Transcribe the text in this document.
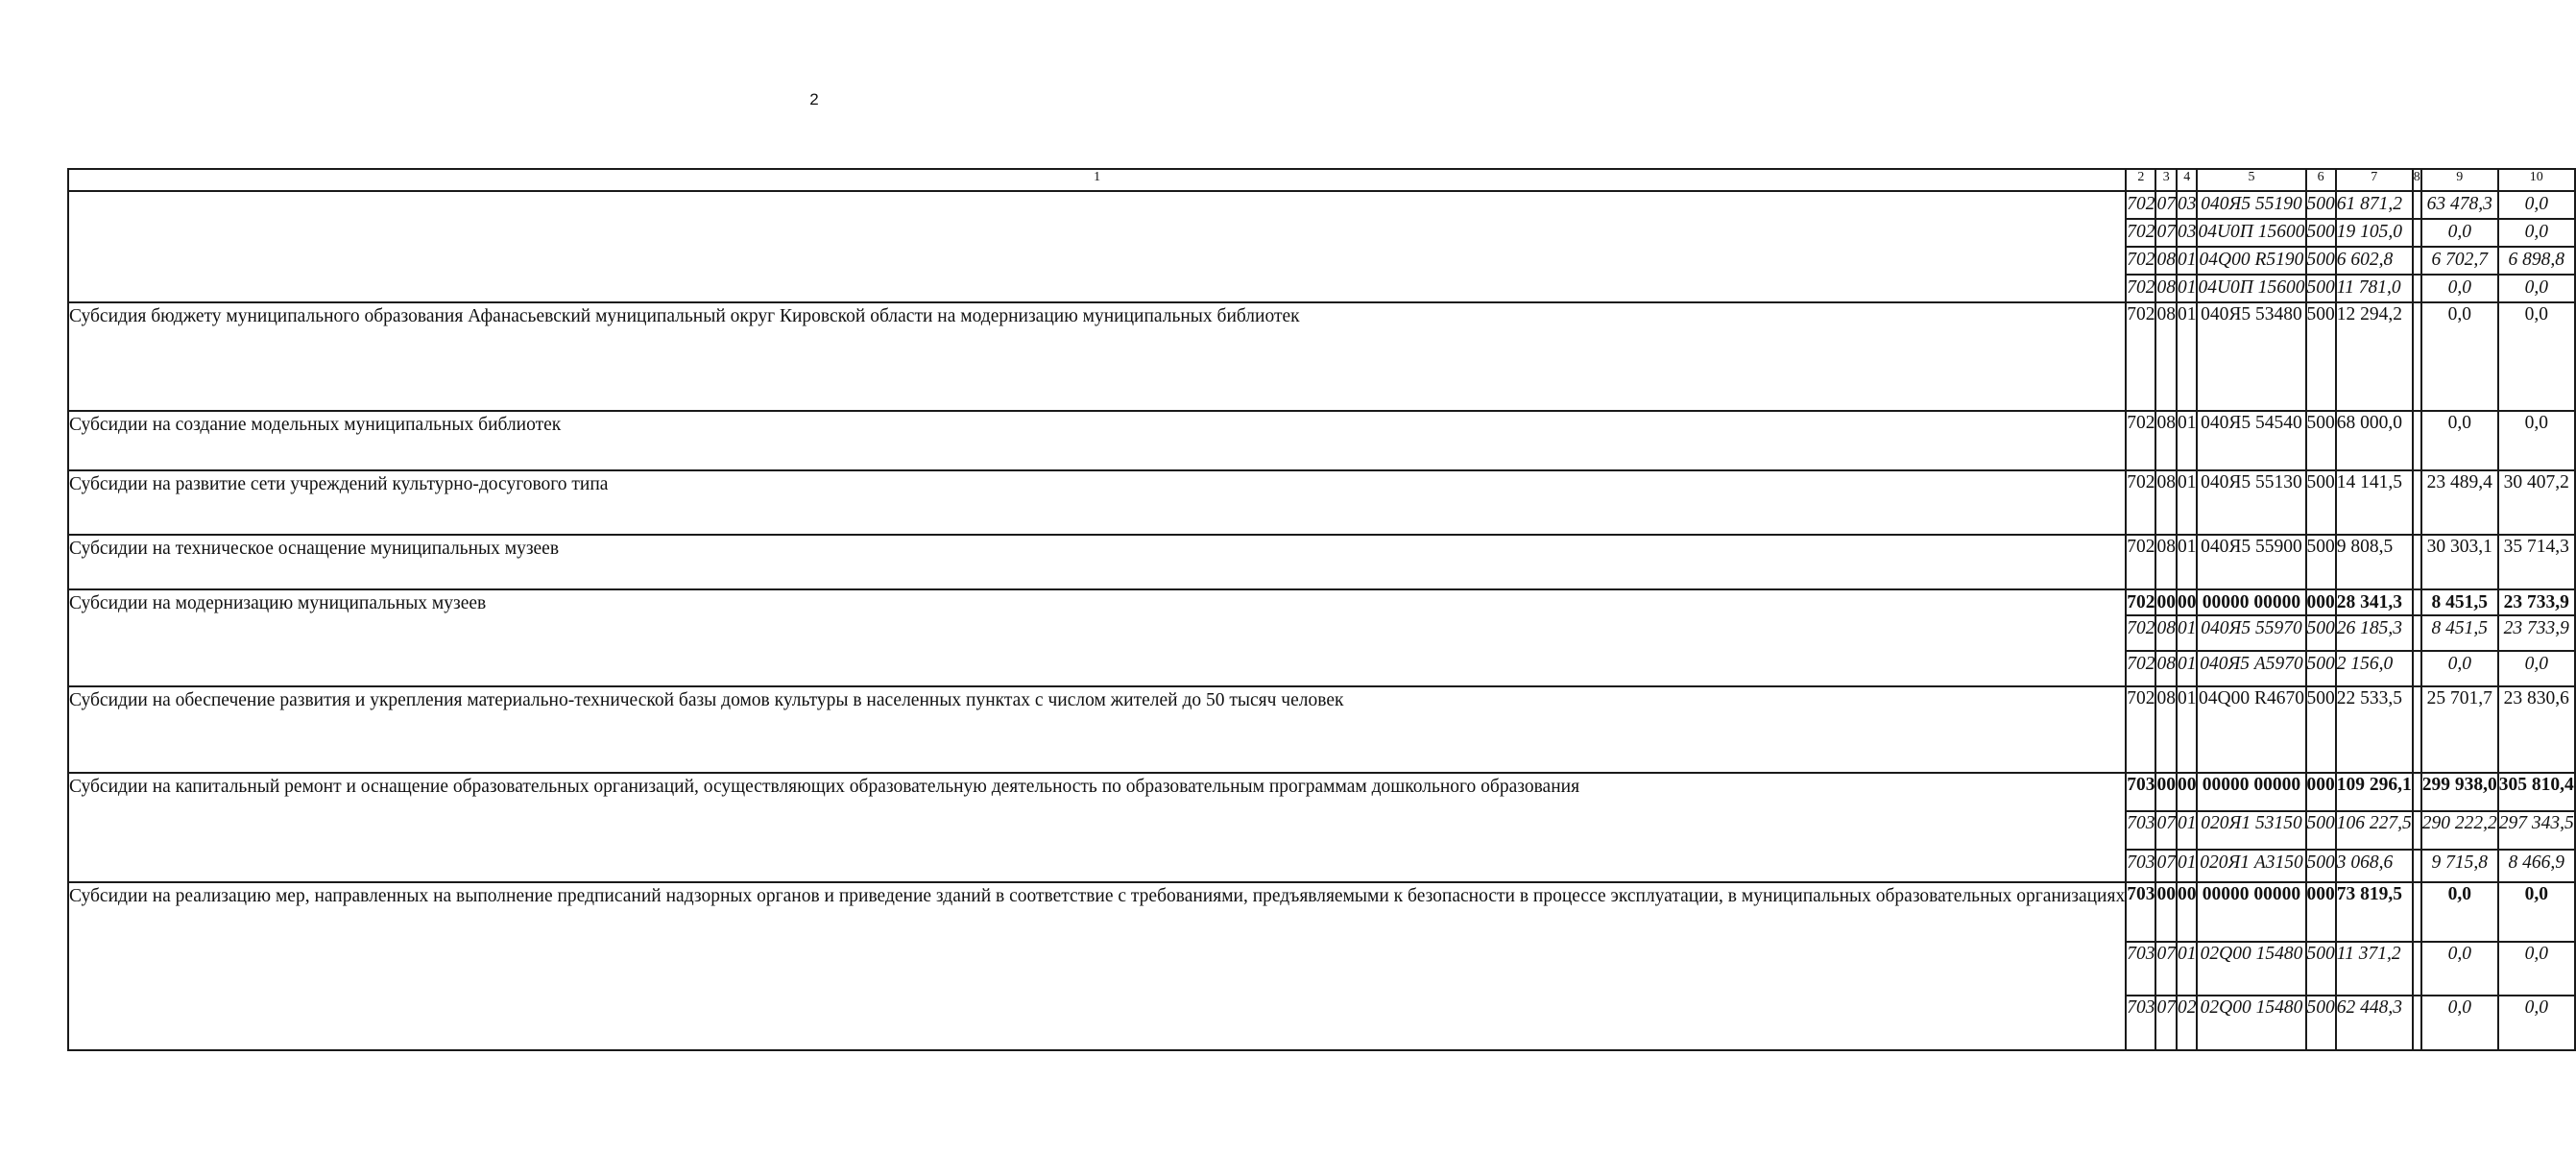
2
1	2	3	4	5	6	7	8	9	10
	702	07	03	040Я5 55190	500	61 871,2		63 478,3	0,0
	702	07	03	04U0П 15600	500	19 105,0		0,0	0,0
	702	08	01	04Q00 R5190	500	6 602,8		6 702,7	6 898,8
	702	08	01	04U0П 15600	500	11 781,0		0,0	0,0
Субсидия бюджету муниципального образования Афанасьевский муниципальный округ Кировской области на модернизацию муниципальных библиотек	702	08	01	040Я5 53480	500	12 294,2		0,0	0,0
Субсидии на создание модельных муниципальных библиотек	702	08	01	040Я5 54540	500	68 000,0		0,0	0,0
Субсидии на развитие сети учреждений культурно-досугового типа	702	08	01	040Я5 55130	500	14 141,5		23 489,4	30 407,2
Субсидии на техническое оснащение муниципальных музеев	702	08	01	040Я5 55900	500	9 808,5		30 303,1	35 714,3
Субсидии на модернизацию муниципальных музеев	702	00	00	00000 00000	000	28 341,3		8 451,5	23 733,9
	702	08	01	040Я5 55970	500	26 185,3		8 451,5	23 733,9
	702	08	01	040Я5 A5970	500	2 156,0		0,0	0,0
Субсидии на обеспечение развития и укрепления материально-технической базы домов культуры в населенных пунктах с числом жителей до 50 тысяч человек	702	08	01	04Q00 R4670	500	22 533,5		25 701,7	23 830,6
Субсидии на капитальный ремонт и оснащение образовательных организаций, осуществляющих образовательную деятельность по образовательным программам дошкольного образования	703	00	00	00000 00000	000	109 296,1		299 938,0	305 810,4
	703	07	01	020Я1 53150	500	106 227,5		290 222,2	297 343,5
	703	07	01	020Я1 A3150	500	3 068,6		9 715,8	8 466,9
Субсидии на реализацию мер, направленных на выполнение предписаний надзорных органов и приведение зданий в соответствие с требованиями, предъявляемыми к безопасности в процессе эксплуатации, в муниципальных образовательных организациях	703	00	00	00000 00000	000	73 819,5		0,0	0,0
	703	07	01	02Q00 15480	500	11 371,2		0,0	0,0
	703	07	02	02Q00 15480	500	62 448,3		0,0	0,0
